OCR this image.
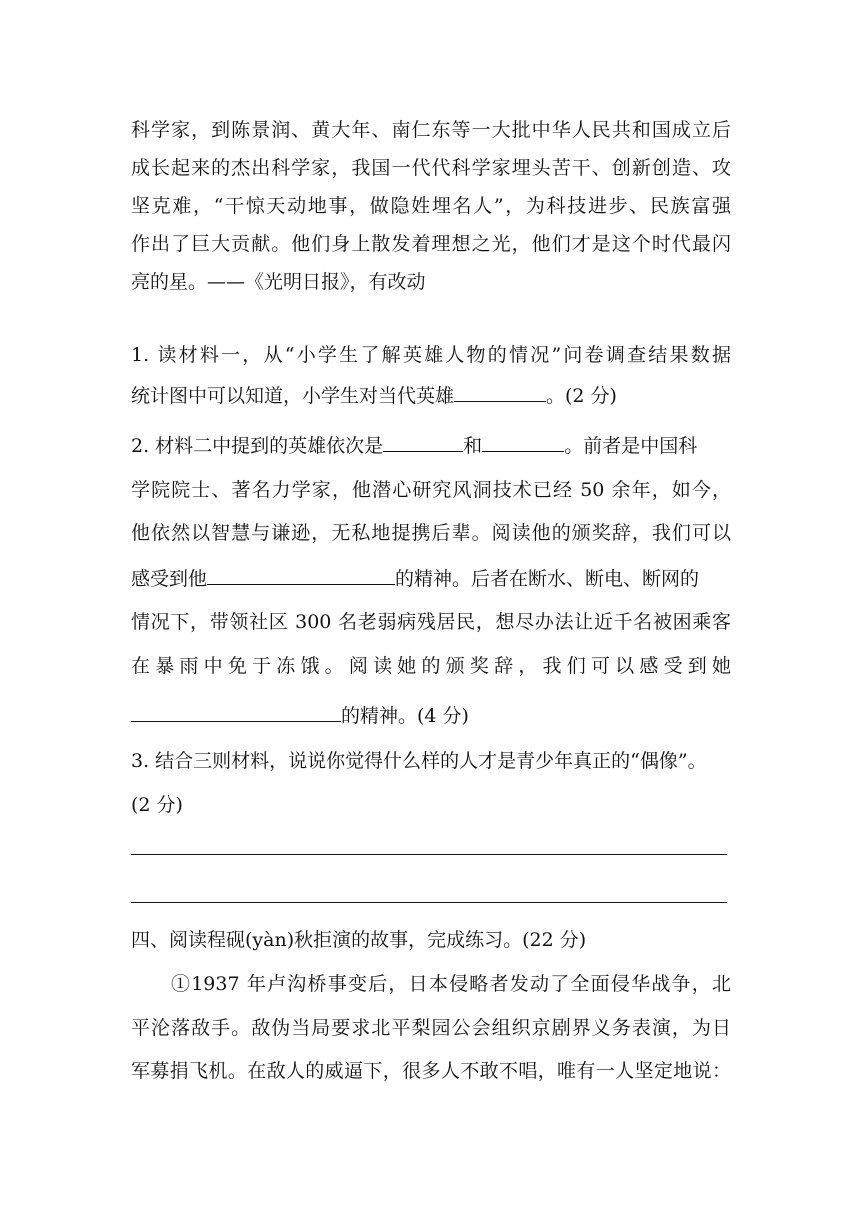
科学家，到陈景润、黄大年、南仁东等一大批中华人民共和国成立后
成长起来的杰出科学家，我国一代代科学家埋头苦干、创新创造、攻
坚克难，“干惊天动地事，做隐姓埋名人”，为科技进步、民族富强
作出了巨大贡献。他们身上散发着理想之光，他们才是这个时代最闪
亮的星。——《光明日报》，有改动
1. 读材料一，从“小学生了解英雄人物的情况”问卷调查结果数据
统计图中可以知道，小学生对当代英雄	。(2 分)
2. 材料二中提到的英雄依次是	和	。前者是中国科
学院院士、著名力学家，他潜心研究风洞技术已经 50 余年，如今，
他依然以智慧与谦逊，无私地提携后辈。阅读他的颁奖辞，我们可以
感受到他	的精神。后者在断水、断电、断网的
情况下，带领社区 300 名老弱病残居民，想尽办法让近千名被困乘客
在暴雨中免于冻饿。阅读她的颁奖辞，我们可以感受到她
的精神。(4 分)
3. 结合三则材料，说说你觉得什么样的人才是青少年真正的“偶像”。
(2 分)
四、阅读程砚(yàn)秋拒演的故事，完成练习。(22 分)
①1937 年卢沟桥事变后，日本侵略者发动了全面侵华战争，北
平沦落敌手。敌伪当局要求北平梨园公会组织京剧界义务表演，为日
军募捐飞机。在敌人的威逼下，很多人不敢不唱，唯有一人坚定地说：
